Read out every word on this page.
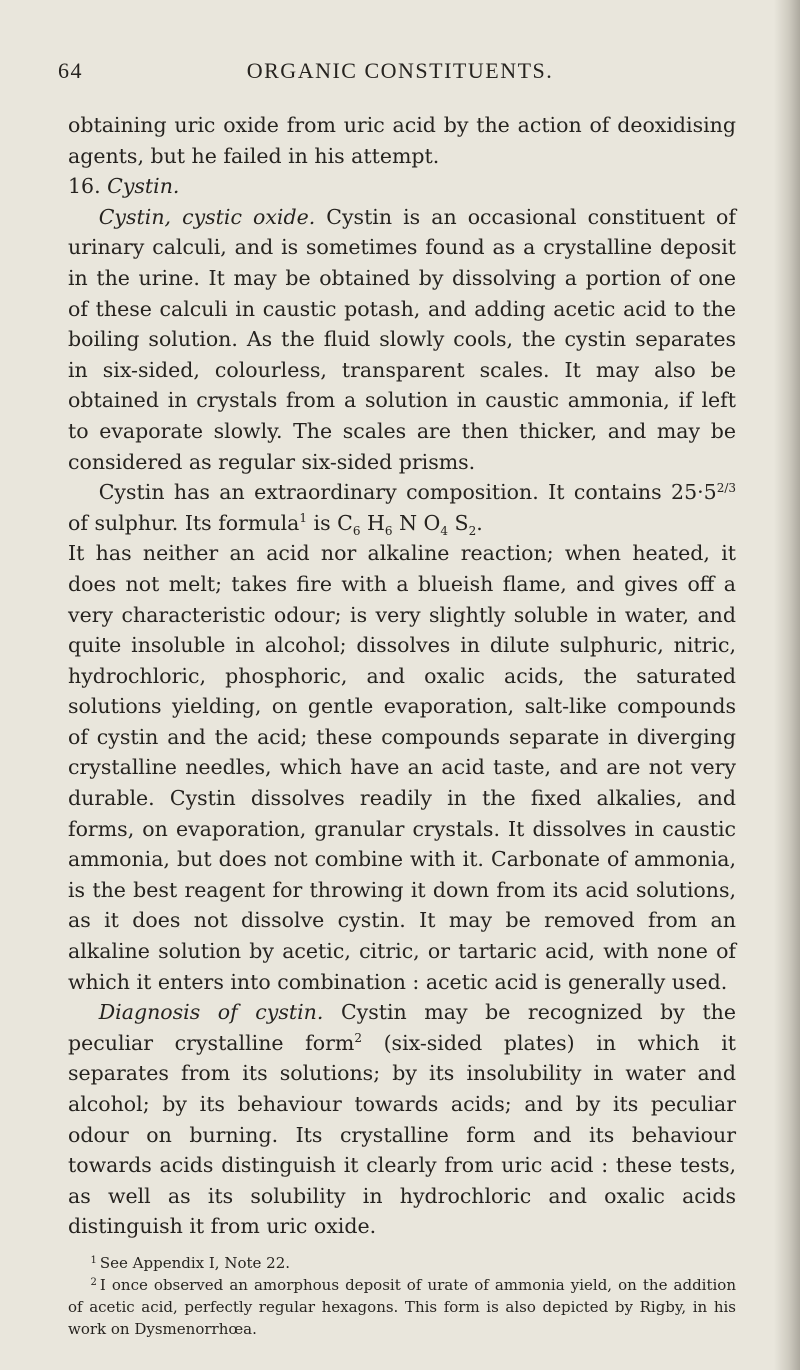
64	ORGANIC CONSTITUENTS.

obtaining uric oxide from uric acid by the action of deoxidising agents, but he failed in his attempt.

16. Cystin.

Cystin, cystic oxide. Cystin is an occasional constituent of urinary calculi, and is sometimes found as a crystalline deposit in the urine. It may be obtained by dissolving a portion of one of these calculi in caustic potash, and adding acetic acid to the boiling solution. As the fluid slowly cools, the cystin separates in six-sided, colourless, transparent scales. It may also be obtained in crystals from a solution in caustic ammonia, if left to evaporate slowly. The scales are then thicker, and may be considered as regular six-sided prisms.

Cystin has an extraordinary composition. It contains $25\cdot 5^{2/3}$ of sulphur. Its formula$^1$ is $C_6$ $H_6$ N $O_4$ $S_2$.

It has neither an acid nor alkaline reaction; when heated, it does not melt; takes fire with a blueish flame, and gives off a very characteristic odour; is very slightly soluble in water, and quite insoluble in alcohol; dissolves in dilute sulphuric, nitric, hydrochloric, phosphoric, and oxalic acids, the saturated solutions yielding, on gentle evaporation, salt-like compounds of cystin and the acid; these compounds separate in diverging crystalline needles, which have an acid taste, and are not very durable. Cystin dissolves readily in the fixed alkalies, and forms, on evaporation, granular crystals. It dissolves in caustic ammonia, but does not combine with it. Carbonate of ammonia, is the best reagent for throwing it down from its acid solutions, as it does not dissolve cystin. It may be removed from an alkaline solution by acetic, citric, or tartaric acid, with none of which it enters into combination : acetic acid is generally used.

Diagnosis of cystin. Cystin may be recognized by the peculiar crystalline form$^2$ (six-sided plates) in which it separates from its solutions; by its insolubility in water and alcohol; by its behaviour towards acids; and by its peculiar odour on burning. Its crystalline form and its behaviour towards acids distinguish it clearly from uric acid : these tests, as well as its solubility in hydrochloric and oxalic acids distinguish it from uric oxide.

$^1$ See Appendix I, Note 22.

$^2$ I once observed an amorphous deposit of urate of ammonia yield, on the addition of acetic acid, perfectly regular hexagons. This form is also depicted by Rigby, in his work on Dysmenorrhœa.
